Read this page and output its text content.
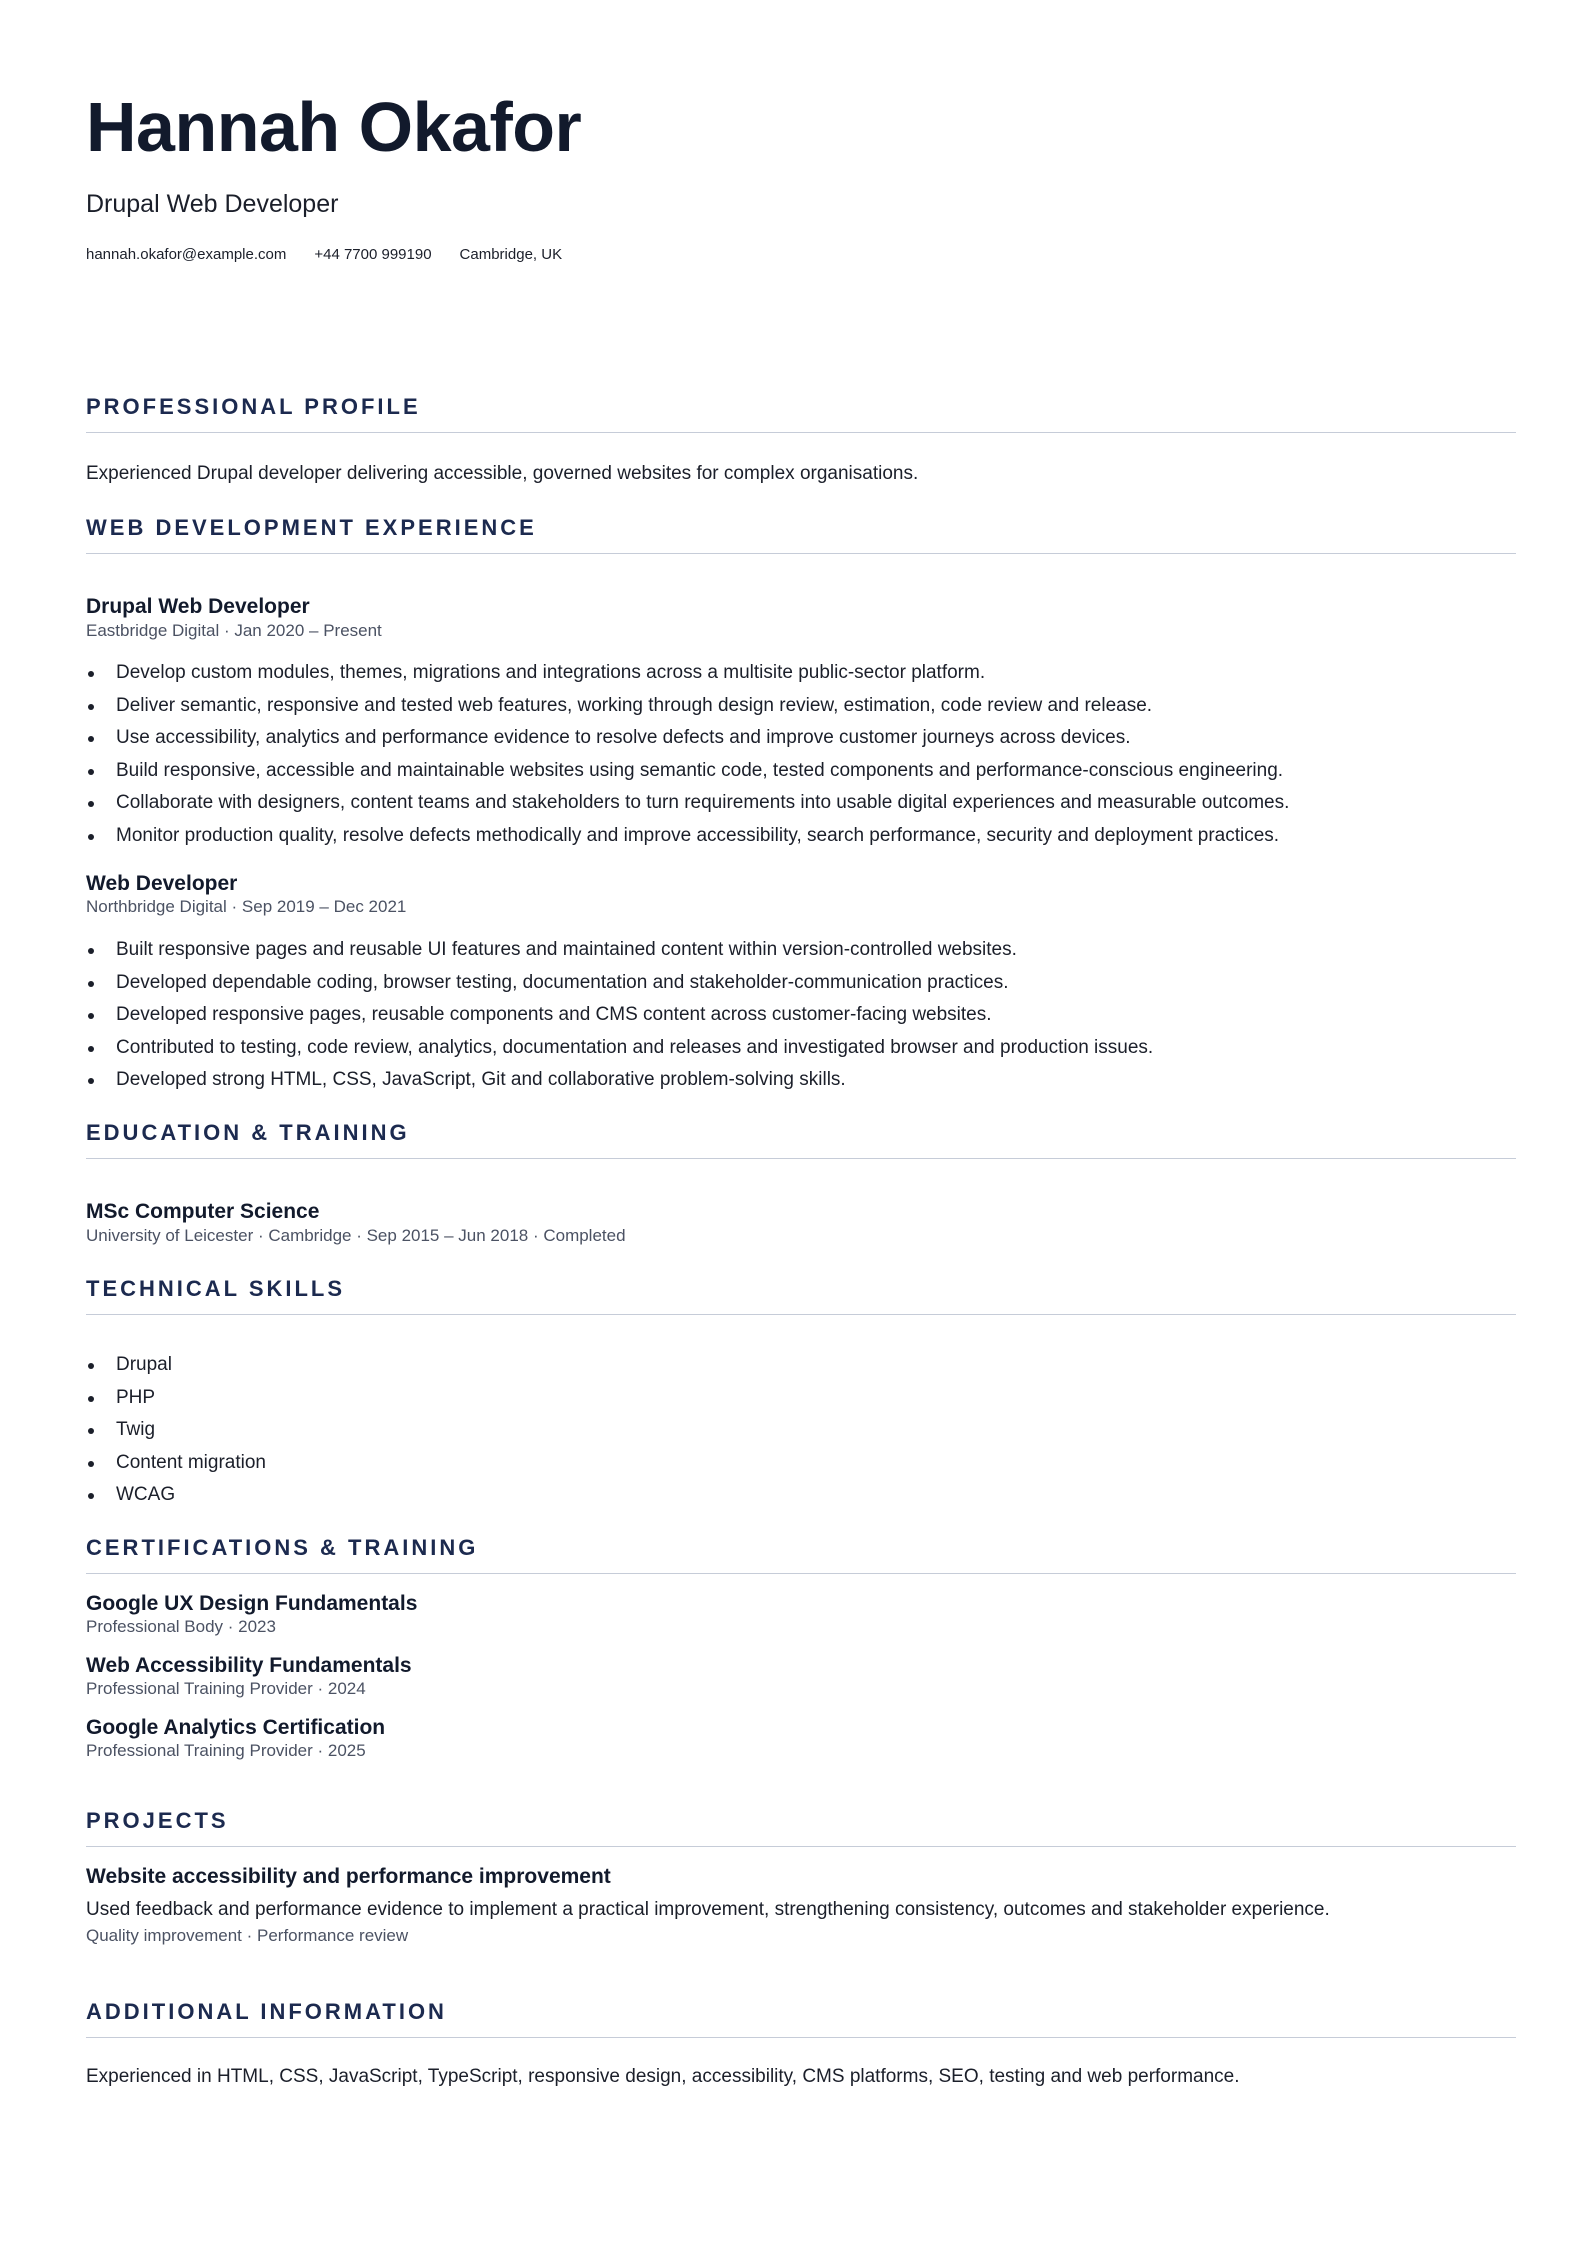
Hannah Okafor
Drupal Web Developer
hannah.okafor@example.com +44 7700 999190 Cambridge, UK
PROFESSIONAL PROFILE
Experienced Drupal developer delivering accessible, governed websites for complex organisations.
WEB DEVELOPMENT EXPERIENCE
Drupal Web Developer
Eastbridge Digital · Jan 2020 – Present
Develop custom modules, themes, migrations and integrations across a multisite public-sector platform.
Deliver semantic, responsive and tested web features, working through design review, estimation, code review and release.
Use accessibility, analytics and performance evidence to resolve defects and improve customer journeys across devices.
Build responsive, accessible and maintainable websites using semantic code, tested components and performance-conscious engineering.
Collaborate with designers, content teams and stakeholders to turn requirements into usable digital experiences and measurable outcomes.
Monitor production quality, resolve defects methodically and improve accessibility, search performance, security and deployment practices.
Web Developer
Northbridge Digital · Sep 2019 – Dec 2021
Built responsive pages and reusable UI features and maintained content within version-controlled websites.
Developed dependable coding, browser testing, documentation and stakeholder-communication practices.
Developed responsive pages, reusable components and CMS content across customer-facing websites.
Contributed to testing, code review, analytics, documentation and releases and investigated browser and production issues.
Developed strong HTML, CSS, JavaScript, Git and collaborative problem-solving skills.
EDUCATION & TRAINING
MSc Computer Science
University of Leicester · Cambridge · Sep 2015 – Jun 2018 · Completed
TECHNICAL SKILLS
Drupal
PHP
Twig
Content migration
WCAG
CERTIFICATIONS & TRAINING
Google UX Design Fundamentals
Professional Body · 2023
Web Accessibility Fundamentals
Professional Training Provider · 2024
Google Analytics Certification
Professional Training Provider · 2025
PROJECTS
Website accessibility and performance improvement
Used feedback and performance evidence to implement a practical improvement, strengthening consistency, outcomes and stakeholder experience.
Quality improvement · Performance review
ADDITIONAL INFORMATION
Experienced in HTML, CSS, JavaScript, TypeScript, responsive design, accessibility, CMS platforms, SEO, testing and web performance.
